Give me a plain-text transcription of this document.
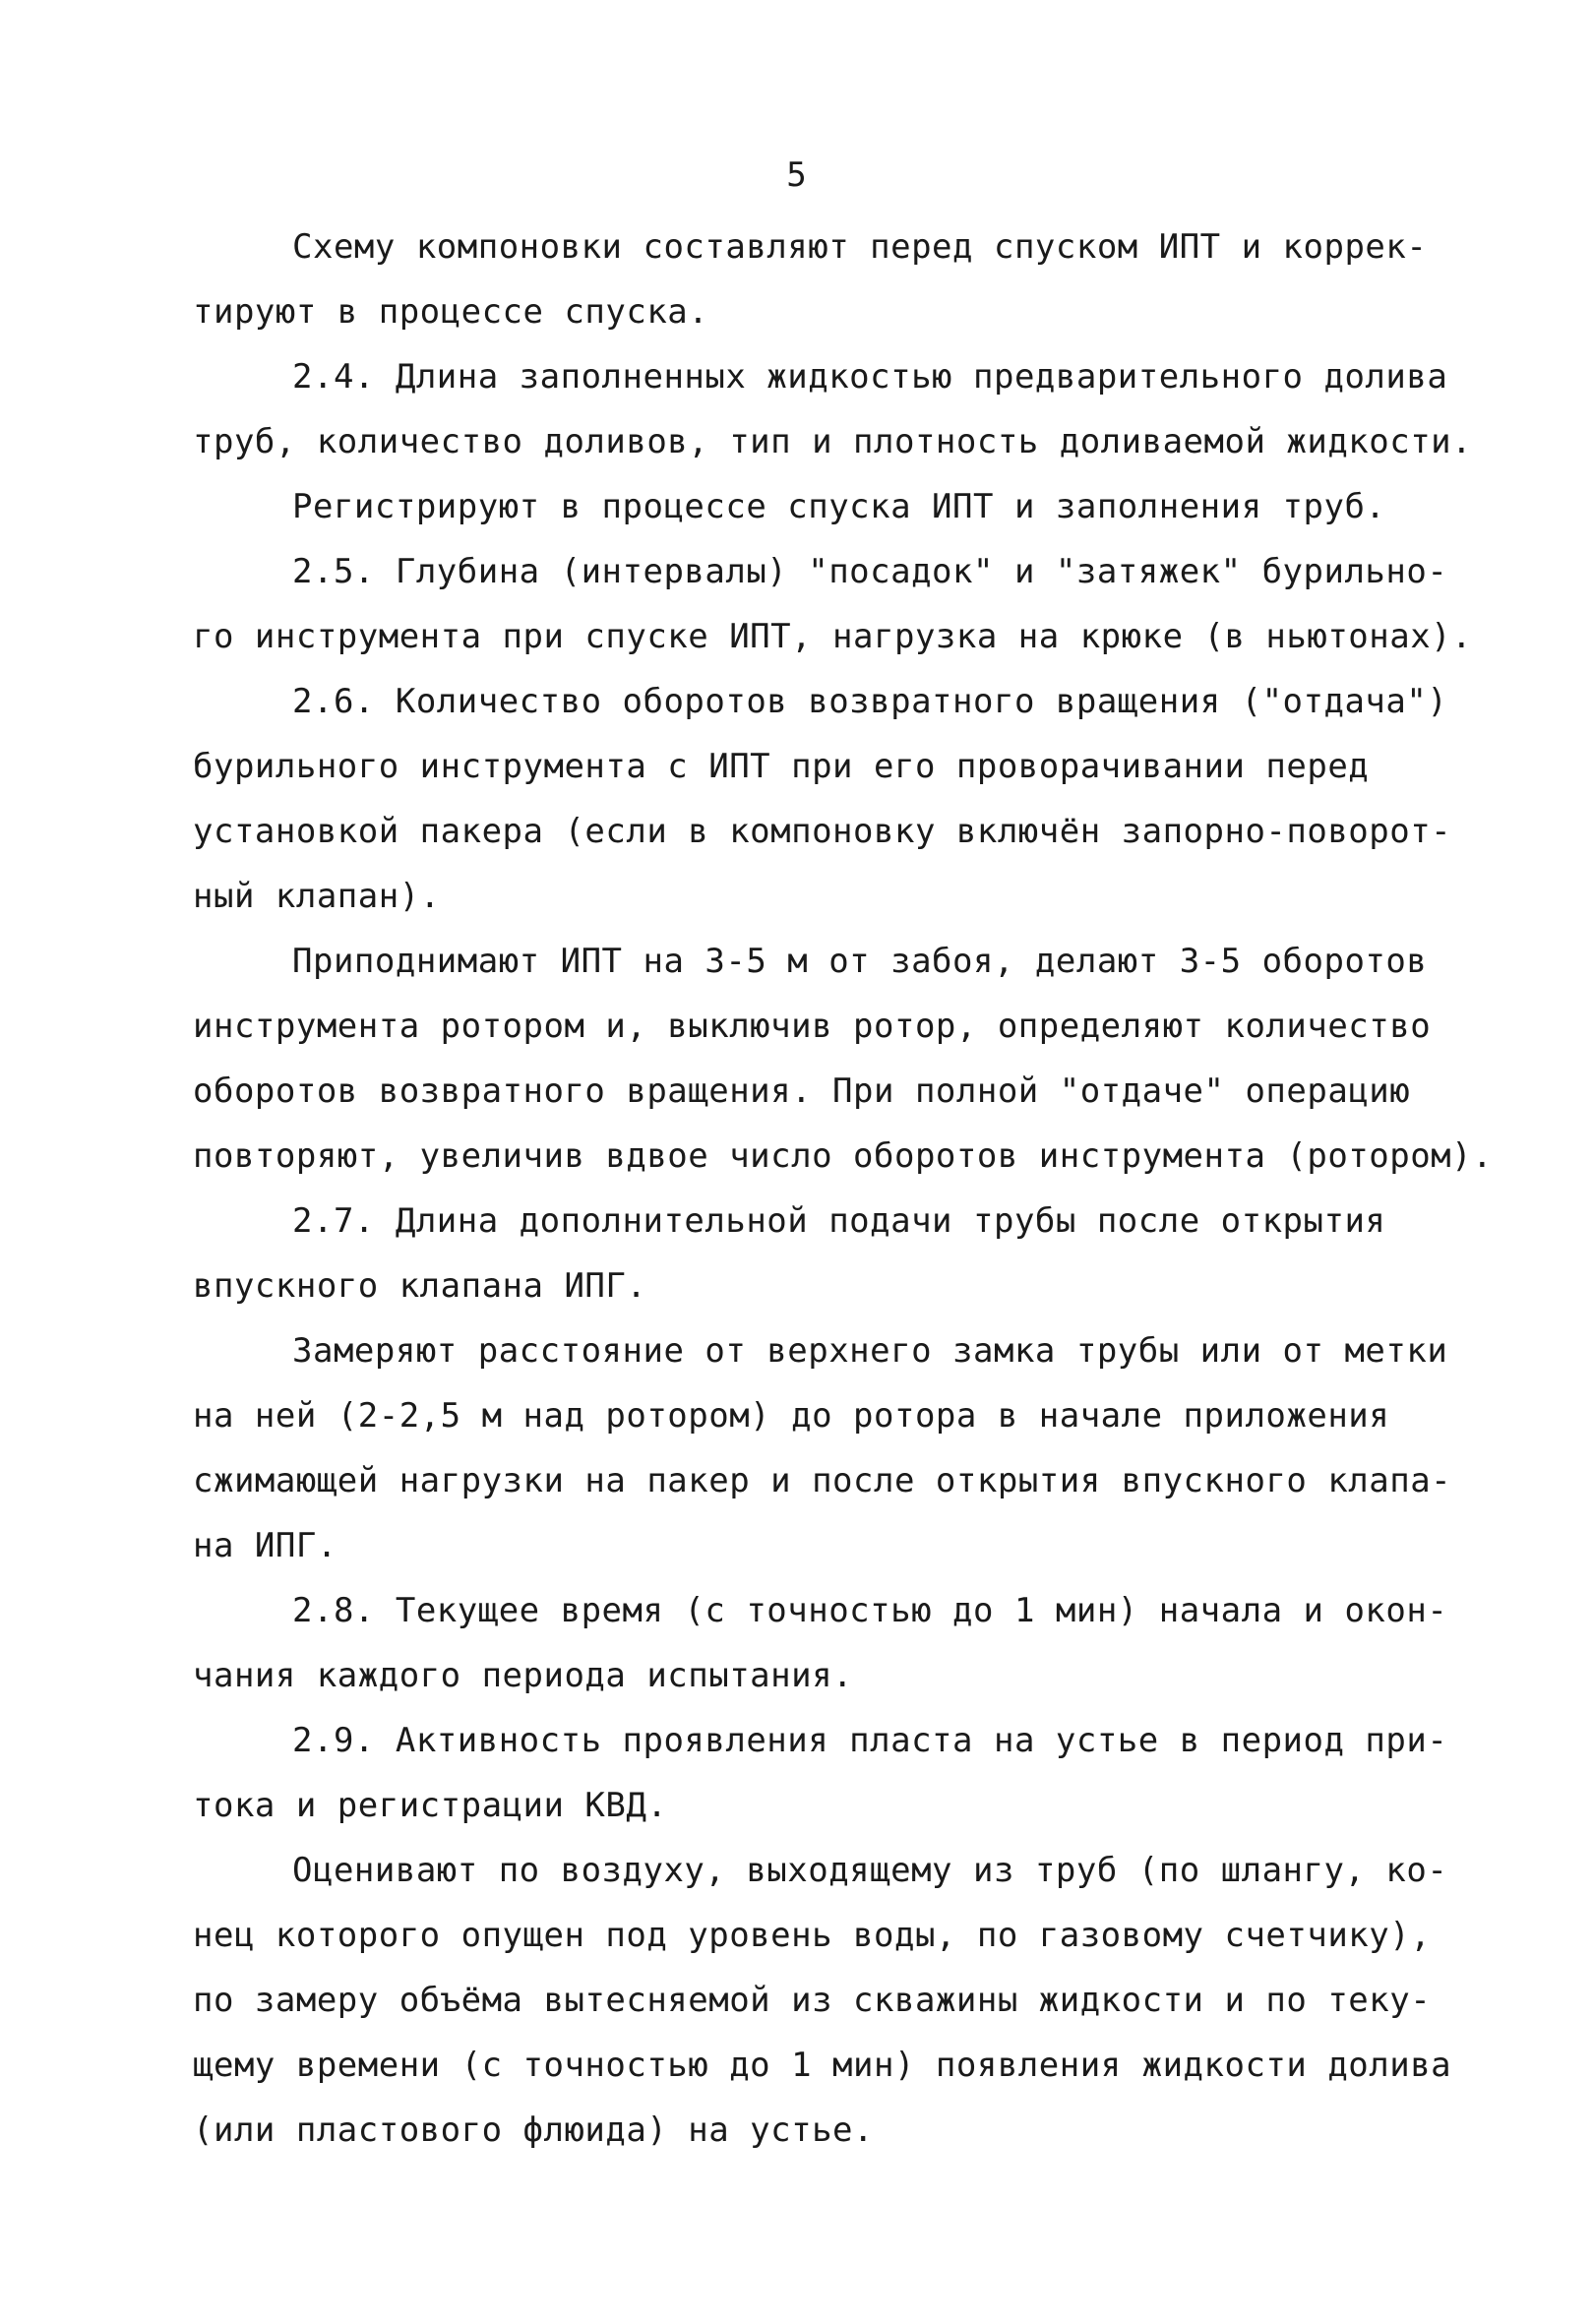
5
Схему компоновки составляют перед спуском ИПТ и коррек-
тируют в процессе спуска.
2.4. Длина заполненных жидкостью предварительного долива
труб, количество доливов, тип и плотность доливаемой жидкости.
Регистрируют в процессе спуска ИПТ и заполнения труб.
2.5. Глубина (интервалы) "посадок" и "затяжек" бурильно-
го инструмента при спуске ИПТ, нагрузка на крюке (в ньютонах).
2.6. Количество оборотов возвратного вращения ("отдача")
бурильного инструмента с ИПТ при его проворачивании перед
установкой пакера (если в компоновку включён запорно-поворот-
ный клапан).
Приподнимают ИПТ на 3-5 м от забоя, делают 3-5 оборотов
инструмента ротором и, выключив ротор, определяют количество
оборотов возвратного вращения. При полной "отдаче" операцию
повторяют, увеличив вдвое число оборотов инструмента (ротором).
2.7. Длина дополнительной подачи трубы после открытия
впускного клапана ИПГ.
Замеряют расстояние от верхнего замка трубы или от метки
на ней (2-2,5 м над ротором) до ротора в начале приложения
сжимающей нагрузки на пакер и после открытия впускного клапа-
на ИПГ.
2.8. Текущее время (с точностью до 1 мин) начала и окон-
чания каждого периода испытания.
2.9. Активность проявления пласта на устье в период при-
тока и регистрации КВД.
Оценивают по воздуху, выходящему из труб (по шлангу, ко-
нец которого опущен под уровень воды, по газовому счетчику),
по замеру объёма вытесняемой из скважины жидкости и по теку-
щему времени (с точностью до 1 мин) появления жидкости долива
(или пластового флюида) на устье.
